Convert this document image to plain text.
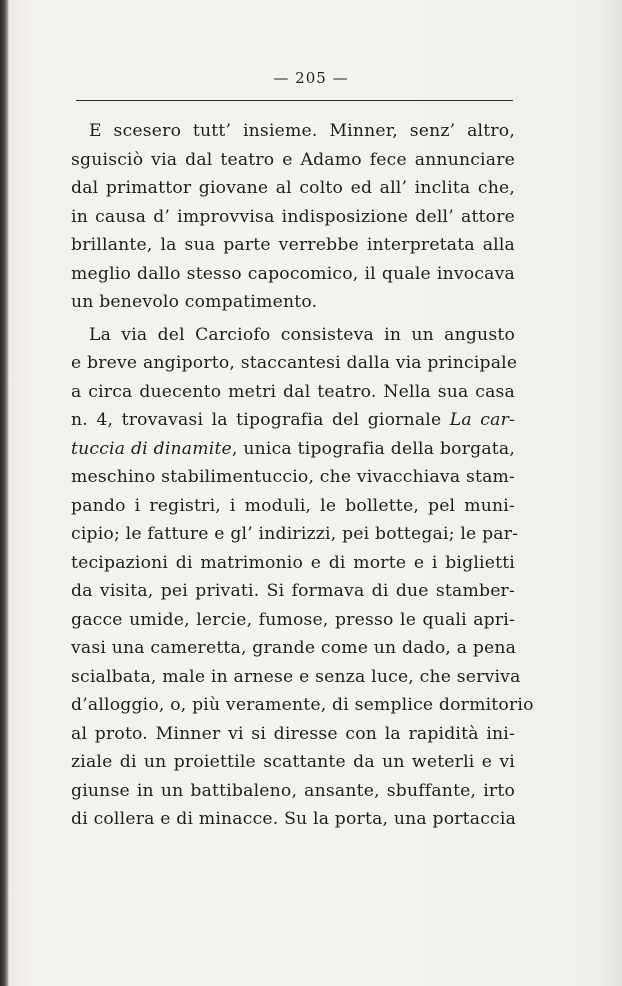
— 205 —
E scesero tutt’ insieme. Minner, senz’ altro,
sguisciò via dal teatro e Adamo fece annunciare
dal primattor giovane al colto ed all’ inclita che,
in causa d’ improvvisa indisposizione dell’ attore
brillante, la sua parte verrebbe interpretata alla
meglio dallo stesso capocomico, il quale invocava
un benevolo compatimento.
La via del Carciofo consisteva in un angusto
e breve angiporto, staccantesi dalla via principale
a circa duecento metri dal teatro. Nella sua casa
n. 4, trovavasi la tipografia del giornale La car-
tuccia di dinamite, unica tipografia della borgata,
meschino stabilimentuccio, che vivacchiava stam-
pando i registri, i moduli, le bollette, pel muni-
cipio; le fatture e gl’ indirizzi, pei bottegai; le par-
tecipazioni di matrimonio e di morte e i biglietti
da visita, pei privati. Si formava di due stamber-
gacce umide, lercie, fumose, presso le quali apri-
vasi una cameretta, grande come un dado, a pena
scialbata, male in arnese e senza luce, che serviva
d’alloggio, o, più veramente, di semplice dormitorio
al proto. Minner vi si diresse con la rapidità ini-
ziale di un proiettile scattante da un weterli e vi
giunse in un battibaleno, ansante, sbuffante, irto
di collera e di minacce. Su la porta, una portaccia
